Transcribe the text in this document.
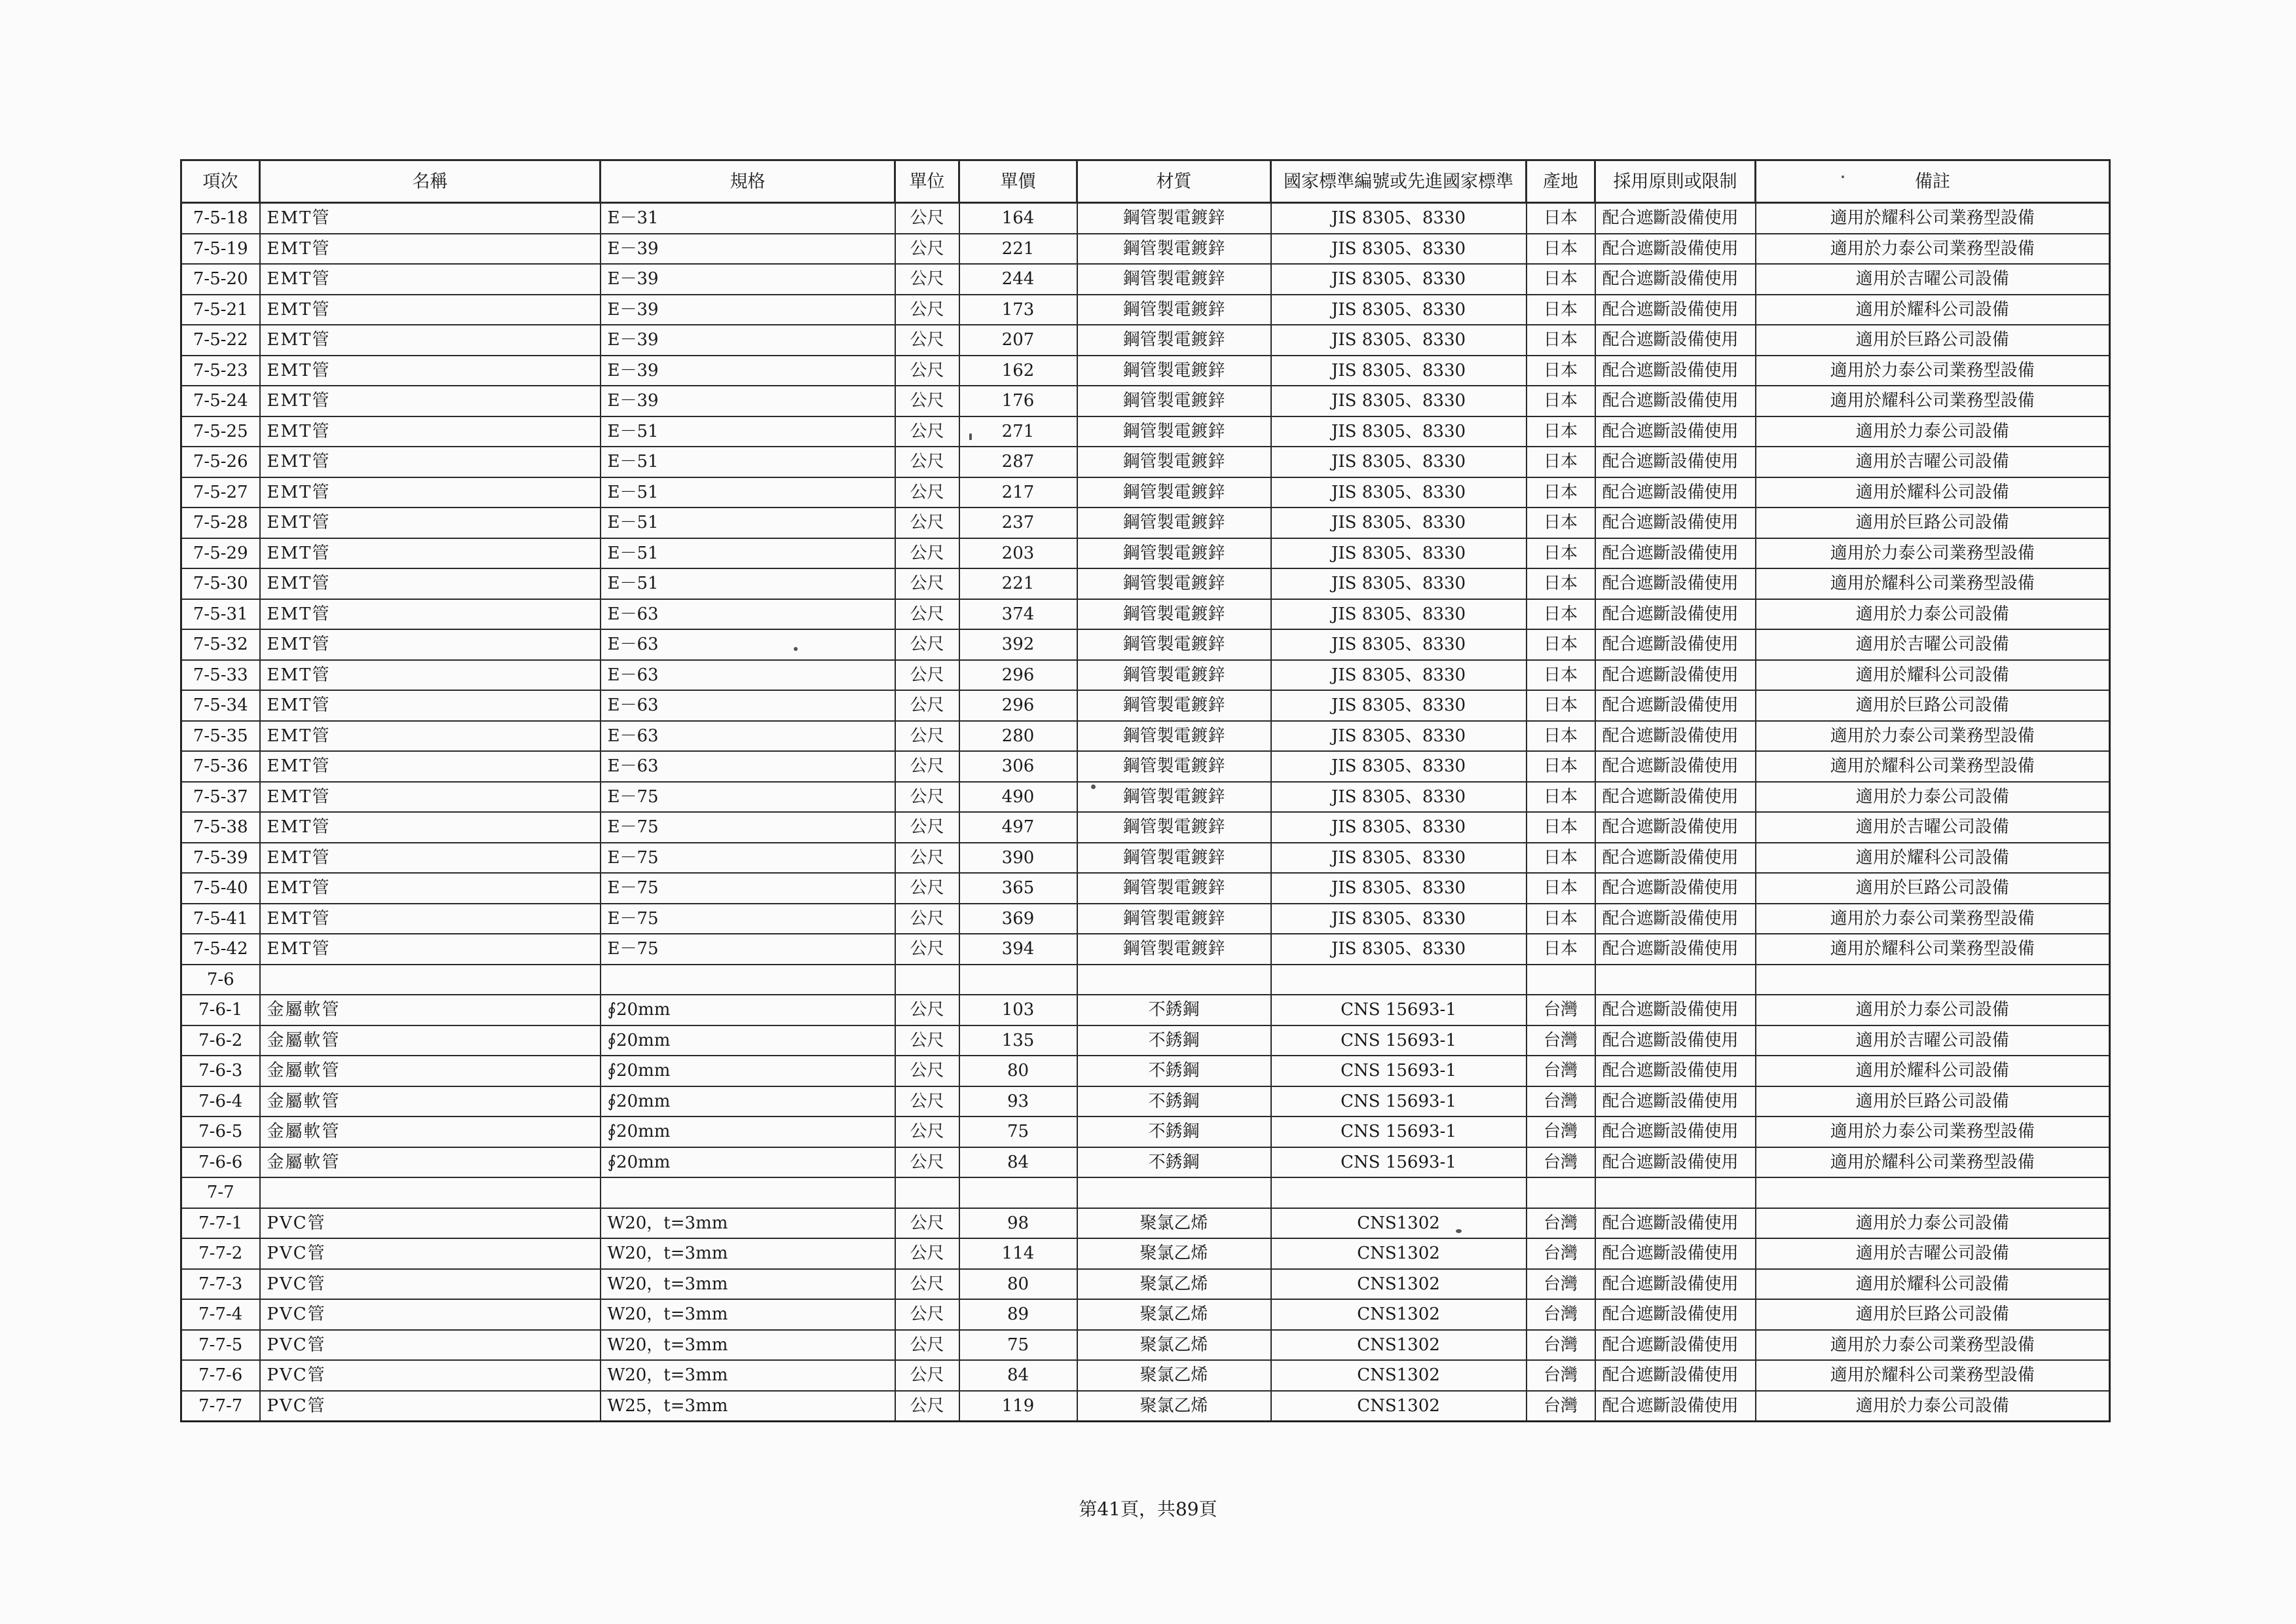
項次	名稱	規格	單位	單價	材質	國家標準編號或先進國家標準	產地	採用原則或限制	備註
7-5-18	EMT管	E－31	公尺	164	鋼管製電鍍鋅	JIS 8305、8330	日本	配合遮斷設備使用	適用於耀科公司業務型設備
7-5-19	EMT管	E－39	公尺	221	鋼管製電鍍鋅	JIS 8305、8330	日本	配合遮斷設備使用	適用於力泰公司業務型設備
7-5-20	EMT管	E－39	公尺	244	鋼管製電鍍鋅	JIS 8305、8330	日本	配合遮斷設備使用	適用於吉曜公司設備
7-5-21	EMT管	E－39	公尺	173	鋼管製電鍍鋅	JIS 8305、8330	日本	配合遮斷設備使用	適用於耀科公司設備
7-5-22	EMT管	E－39	公尺	207	鋼管製電鍍鋅	JIS 8305、8330	日本	配合遮斷設備使用	適用於巨路公司設備
7-5-23	EMT管	E－39	公尺	162	鋼管製電鍍鋅	JIS 8305、8330	日本	配合遮斷設備使用	適用於力泰公司業務型設備
7-5-24	EMT管	E－39	公尺	176	鋼管製電鍍鋅	JIS 8305、8330	日本	配合遮斷設備使用	適用於耀科公司業務型設備
7-5-25	EMT管	E－51	公尺	271	鋼管製電鍍鋅	JIS 8305、8330	日本	配合遮斷設備使用	適用於力泰公司設備
7-5-26	EMT管	E－51	公尺	287	鋼管製電鍍鋅	JIS 8305、8330	日本	配合遮斷設備使用	適用於吉曜公司設備
7-5-27	EMT管	E－51	公尺	217	鋼管製電鍍鋅	JIS 8305、8330	日本	配合遮斷設備使用	適用於耀科公司設備
7-5-28	EMT管	E－51	公尺	237	鋼管製電鍍鋅	JIS 8305、8330	日本	配合遮斷設備使用	適用於巨路公司設備
7-5-29	EMT管	E－51	公尺	203	鋼管製電鍍鋅	JIS 8305、8330	日本	配合遮斷設備使用	適用於力泰公司業務型設備
7-5-30	EMT管	E－51	公尺	221	鋼管製電鍍鋅	JIS 8305、8330	日本	配合遮斷設備使用	適用於耀科公司業務型設備
7-5-31	EMT管	E－63	公尺	374	鋼管製電鍍鋅	JIS 8305、8330	日本	配合遮斷設備使用	適用於力泰公司設備
7-5-32	EMT管	E－63	公尺	392	鋼管製電鍍鋅	JIS 8305、8330	日本	配合遮斷設備使用	適用於吉曜公司設備
7-5-33	EMT管	E－63	公尺	296	鋼管製電鍍鋅	JIS 8305、8330	日本	配合遮斷設備使用	適用於耀科公司設備
7-5-34	EMT管	E－63	公尺	296	鋼管製電鍍鋅	JIS 8305、8330	日本	配合遮斷設備使用	適用於巨路公司設備
7-5-35	EMT管	E－63	公尺	280	鋼管製電鍍鋅	JIS 8305、8330	日本	配合遮斷設備使用	適用於力泰公司業務型設備
7-5-36	EMT管	E－63	公尺	306	鋼管製電鍍鋅	JIS 8305、8330	日本	配合遮斷設備使用	適用於耀科公司業務型設備
7-5-37	EMT管	E－75	公尺	490	鋼管製電鍍鋅	JIS 8305、8330	日本	配合遮斷設備使用	適用於力泰公司設備
7-5-38	EMT管	E－75	公尺	497	鋼管製電鍍鋅	JIS 8305、8330	日本	配合遮斷設備使用	適用於吉曜公司設備
7-5-39	EMT管	E－75	公尺	390	鋼管製電鍍鋅	JIS 8305、8330	日本	配合遮斷設備使用	適用於耀科公司設備
7-5-40	EMT管	E－75	公尺	365	鋼管製電鍍鋅	JIS 8305、8330	日本	配合遮斷設備使用	適用於巨路公司設備
7-5-41	EMT管	E－75	公尺	369	鋼管製電鍍鋅	JIS 8305、8330	日本	配合遮斷設備使用	適用於力泰公司業務型設備
7-5-42	EMT管	E－75	公尺	394	鋼管製電鍍鋅	JIS 8305、8330	日本	配合遮斷設備使用	適用於耀科公司業務型設備
7-6									
7-6-1	金屬軟管	∮20mm	公尺	103	不銹鋼	CNS 15693-1	台灣	配合遮斷設備使用	適用於力泰公司設備
7-6-2	金屬軟管	∮20mm	公尺	135	不銹鋼	CNS 15693-1	台灣	配合遮斷設備使用	適用於吉曜公司設備
7-6-3	金屬軟管	∮20mm	公尺	80	不銹鋼	CNS 15693-1	台灣	配合遮斷設備使用	適用於耀科公司設備
7-6-4	金屬軟管	∮20mm	公尺	93	不銹鋼	CNS 15693-1	台灣	配合遮斷設備使用	適用於巨路公司設備
7-6-5	金屬軟管	∮20mm	公尺	75	不銹鋼	CNS 15693-1	台灣	配合遮斷設備使用	適用於力泰公司業務型設備
7-6-6	金屬軟管	∮20mm	公尺	84	不銹鋼	CNS 15693-1	台灣	配合遮斷設備使用	適用於耀科公司業務型設備
7-7									
7-7-1	PVC管	W20，t=3mm	公尺	98	聚氯乙烯	CNS1302	台灣	配合遮斷設備使用	適用於力泰公司設備
7-7-2	PVC管	W20，t=3mm	公尺	114	聚氯乙烯	CNS1302	台灣	配合遮斷設備使用	適用於吉曜公司設備
7-7-3	PVC管	W20，t=3mm	公尺	80	聚氯乙烯	CNS1302	台灣	配合遮斷設備使用	適用於耀科公司設備
7-7-4	PVC管	W20，t=3mm	公尺	89	聚氯乙烯	CNS1302	台灣	配合遮斷設備使用	適用於巨路公司設備
7-7-5	PVC管	W20，t=3mm	公尺	75	聚氯乙烯	CNS1302	台灣	配合遮斷設備使用	適用於力泰公司業務型設備
7-7-6	PVC管	W20，t=3mm	公尺	84	聚氯乙烯	CNS1302	台灣	配合遮斷設備使用	適用於耀科公司業務型設備
7-7-7	PVC管	W25，t=3mm	公尺	119	聚氯乙烯	CNS1302	台灣	配合遮斷設備使用	適用於力泰公司設備
第41頁，共89頁
